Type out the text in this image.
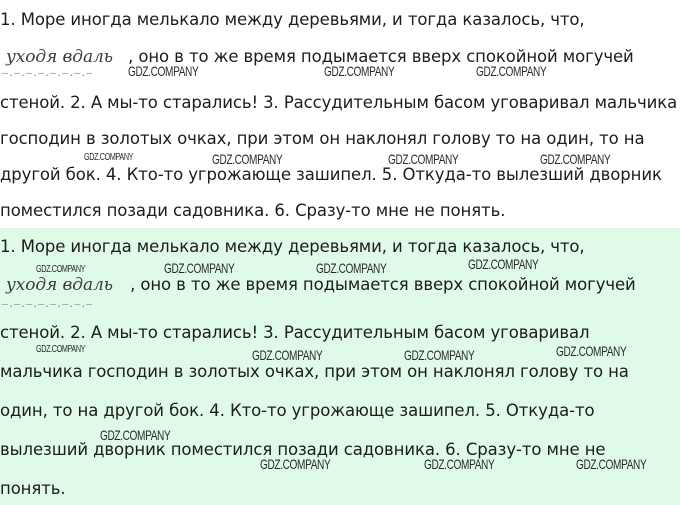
1. Море иногда мелькало между деревьями, и тогда казалось, что,
уходя вдаль , оно в то же время подымается вверх спокойной могучей
–.–.–.–.–.–.–.–
стеной. 2. А мы-то старались! 3. Рассудительным басом уговаривал мальчика
господин в золотых очках, при этом он наклонял голову то на один, то на
другой бок. 4. Кто-то угрожающе зашипел. 5. Откуда-то вылезший дворник
поместился позади садовника. 6. Сразу-то мне не понять.
GDZ.COMPANY	GDZ.COMPANY	GDZ.COMPANY
GDZ.COMPANY	GDZ.COMPANY	GDZ.COMPANY	GDZ.COMPANY
1. Море иногда мелькало между деревьями, и тогда казалось, что,
уходя вдаль , оно в то же время подымается вверх спокойной могучей
–.–.–.–.–.–.–.–
стеной. 2. А мы-то старались! 3. Рассудительным басом уговаривал
мальчика господин в золотых очках, при этом он наклонял голову то на
один, то на другой бок. 4. Кто-то угрожающе зашипел. 5. Откуда-то
вылезший дворник поместился позади садовника. 6. Сразу-то мне не
понять.
GDZ.COMPANY	GDZ.COMPANY	GDZ.COMPANY	GDZ.COMPANY
GDZ.COMPANY	GDZ.COMPANY	GDZ.COMPANY	GDZ.COMPANY
GDZ.COMPANY
GDZ.COMPANY	GDZ.COMPANY	GDZ.COMPANY
